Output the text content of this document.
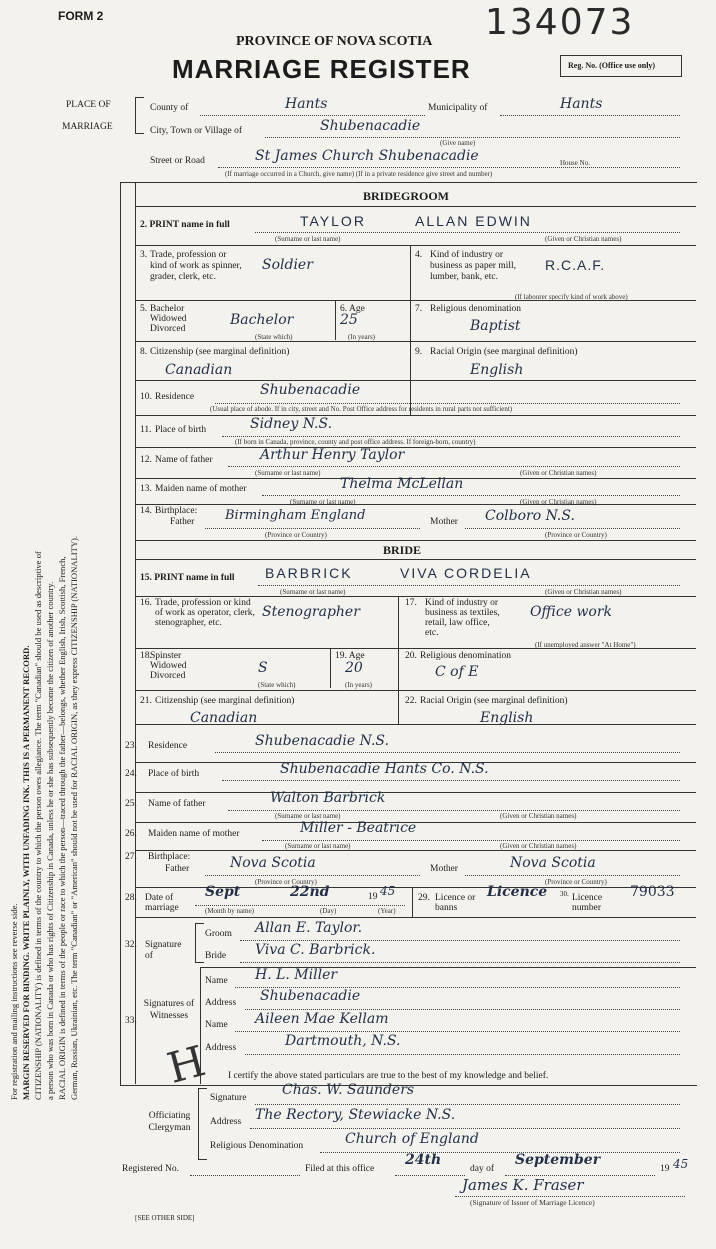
For registration and mailing instructions see reverse side. MARGIN RESERVED FOR BINDING. WRITE PLAINLY, WITH UNFADING INK. THIS IS A PERMANENT RECORD. CITIZENSHIP (NATIONALITY) is defined in terms of the country to which the person owes allegiance. The term "Canadian" should be used as descriptive of a person who was born in Canada or who has rights of Citizenship in Canada, unless he or she has subsequently become the citizen of another country. RACIAL ORIGIN is defined in terms of the people or race to which the person—traced through the father—belongs, whether English, Irish, Scottish, French, German, Russian, Ukrainian, etc. The term "Canadian" or "American" should not be used for RACIAL ORIGIN, as they express CITIZENSHIP (NATIONALITY).
FORM 2	134073
PROVINCE OF NOVA SCOTIA
MARRIAGE REGISTER	Reg. No. (Office use only)
PLACE OF
MARRIAGE
County of	Hants	Municipality of	Hants
City, Town or Village of	Shubenacadie
(Give name)
Street or Road	St James Church Shubenacadie	House No.
(If marriage occurred in a Church, give name) (If in a private residence give street and number)
BRIDEGROOM
2. PRINT name in full	TAYLOR	ALLAN EDWIN
(Surname or last name)	(Given or Christian names)
3. Trade, profession or kind of work as spinner, grader, clerk, etc.
Soldier
4. Kind of industry or business as paper mill, lumber, bank, etc.
R.C.A.F.
(If labourer specify kind of work above)
5. Bachelor Widowed Divorced
Bachelor
(State which)
6. Age
25
(In years)
7. Religious denomination
Baptist
8. Citizenship (see marginal definition)
Canadian
9. Racial Origin (see marginal definition)
English
10. Residence	Shubenacadie
(Usual place of abode. If in city, street and No. Post Office address for residents in rural parts not sufficient)
11. Place of birth	Sidney N.S.
(If born in Canada, province, county and post office address. If foreign-born, country)
12. Name of father	Arthur Henry Taylor
(Surname or last name)	(Given or Christian names)
13. Maiden name of mother	Thelma McLellan
(Surname or last name)	(Given or Christian names)
14. Birthplace:
Father Birmingham England	Mother Colboro N.S.
(Province or Country)	(Province or Country)
BRIDE
15. PRINT name in full BARBRICK	VIVA CORDELIA
(Surname or last name)	(Given or Christian names)
16. Trade, profession or kind of work as operator, clerk, stenographer, etc.
Stenographer
17. Kind of industry or business as textiles, retail, law office, etc.
Office work
(If unemployed answer "At Home")
18.
Spinster Widowed Divorced	S
(State which)
19. Age
20
(In years)
20. Religious denomination
C of E
21. Citizenship (see marginal definition)
Canadian
22. Racial Origin (see marginal definition)
English
23. Residence	Shubenacadie N.S.
24. Place of birth	Shubenacadie Hants Co. N.S.
25. Name of father	Walton Barbrick
(Surname or last name)	(Given or Christian names)
26. Maiden name of mother	Miller - Beatrice
(Surname or last name)	(Given or Christian names)
27. Birthplace:
Father	Nova Scotia	Mother	Nova Scotia
(Province or Country)	(Province or Country)
28. Date of marriage
Sept	22nd	19 45
(Month by name)	(Day)	(Year)
29. Licence or banns
Licence 30. Licence number
79033
32. Signature of
Groom Allan E. Taylor.
Bride Viva C. Barbrick.
33.
Signatures of Witnesses
Name H. L. Miller
Address Shubenacadie
Name Aileen Mae Kellam
Address	Dartmouth, N.S.
H I certify the above stated particulars are true to the best of my knowledge and belief.
Officiating Clergyman
Signature	Chas. W. Saunders
Address The Rectory, Stewiacke N.S.
Religious Denomination	Church of England
Registered No.	Filed at this office
24th
day of
September
19 45
James K. Fraser
(Signature of Issuer of Marriage Licence)
[SEE OTHER SIDE]
